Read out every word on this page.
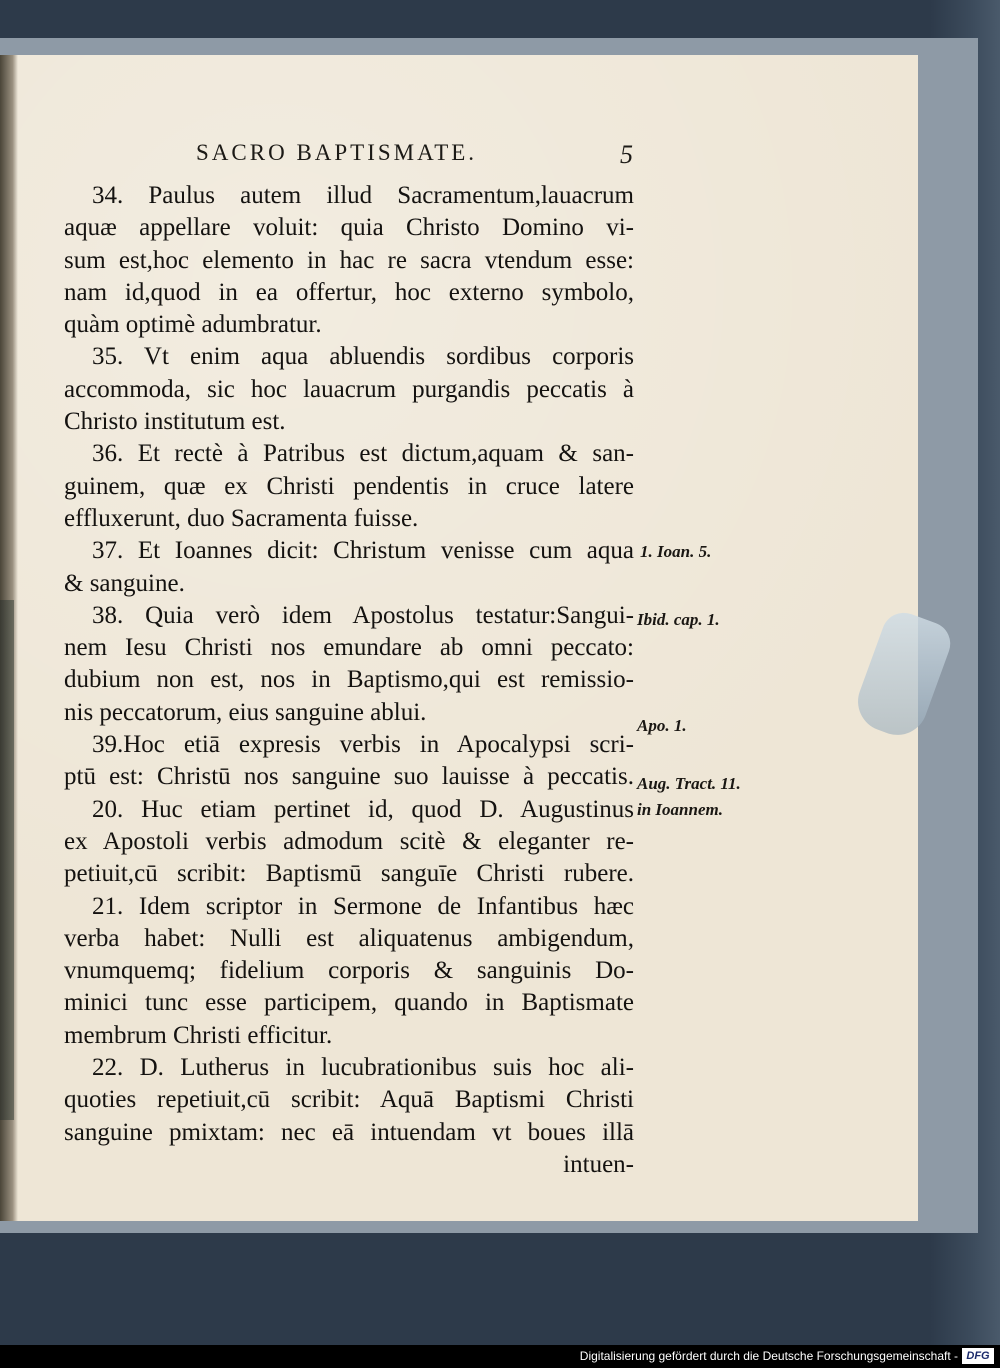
SACRO BAPTISMATE.	5
34. Paulus autem illud Sacramentum,lauacrum
aquæ appellare voluit: quia Christo Domino vi-
sum est,hoc elemento in hac re sacra vtendum esse:
nam id,quod in ea offertur, hoc externo symbolo,
quàm optimè adumbratur.
35. Vt enim aqua abluendis sordibus corporis
accommoda, sic hoc lauacrum purgandis peccatis à
Christo institutum est.
36. Et rectè à Patribus est dictum,aquam & san-
guinem, quæ ex Christi pendentis in cruce latere
effluxerunt, duo Sacramenta fuisse.
37. Et Ioannes dicit: Christum venisse cum aqua
& sanguine.
38. Quia verò idem Apostolus testatur:Sangui-
nem Iesu Christi nos emundare ab omni peccato:
dubium non est, nos in Baptismo,qui est remissio-
nis peccatorum, eius sanguine ablui.
39.Hoc etiā expresis verbis in Apocalypsi scri-
ptū est: Christū nos sanguine suo lauisse à peccatis.
20. Huc etiam pertinet id, quod D. Augustinus
ex Apostoli verbis admodum scitè & eleganter re-
petiuit,cū scribit: Baptismū sanguīe Christi rubere.
21. Idem scriptor in Sermone de Infantibus hæc
verba habet: Nulli est aliquatenus ambigendum,
vnumquemq; fidelium corporis & sanguinis Do-
minici tunc esse participem, quando in Baptismate
membrum Christi efficitur.
22. D. Lutherus in lucubrationibus suis hoc ali-
quoties repetiuit,cū scribit: Aquā Baptismi Christi
sanguine pmixtam: nec eā intuendam vt boues illā
intuen-
1. Ioan. 5.
Ibid. cap. 1.
Apo. 1.
Aug. Tract. 11.
in Ioannem.
Digitalisierung gefördert durch die Deutsche Forschungsgemeinschaft - DFG
